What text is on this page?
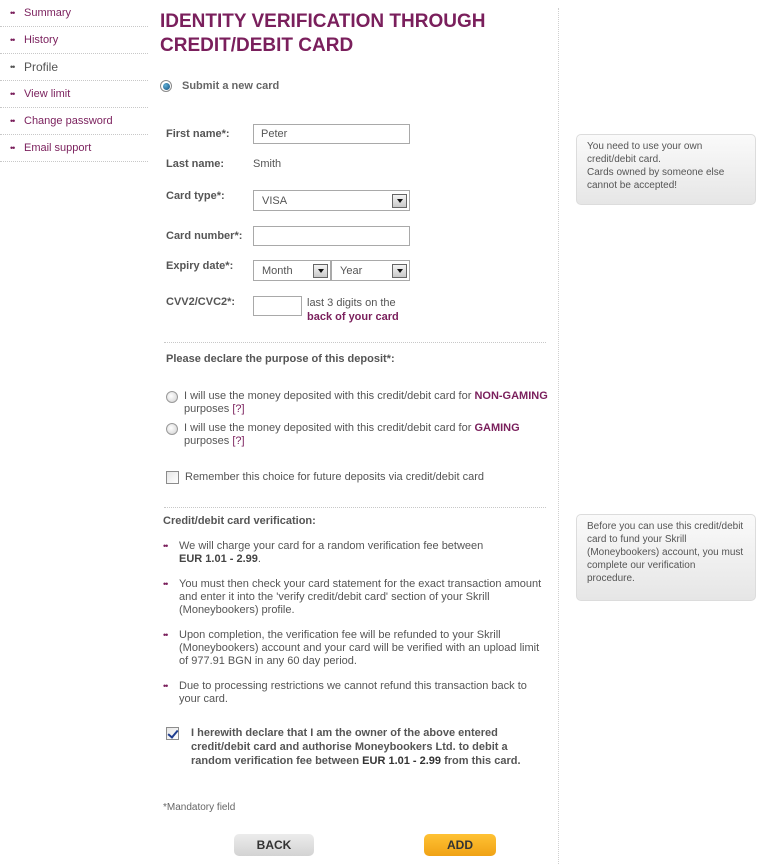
•• Summary
•• History
•• Profile
•• View limit
•• Change password
•• Email support
IDENTITY VERIFICATION THROUGH
CREDIT/DEBIT CARD
Submit a new card
First name*:	Peter
Last name:	Smith
Card type*:	VISA
Card number*:
Expiry date*:	Month	Year
CVV2/CVC2*:	last 3 digits on the
back of your card
Please declare the purpose of this deposit*:
I will use the money deposited with this credit/debit card for NON-GAMING
purposes [?]
I will use the money deposited with this credit/debit card for GAMING
purposes [?]
Remember this choice for future deposits via credit/debit card
Credit/debit card verification:
••	We will charge your card for a random verification fee between
EUR 1.01 - 2.99.
••	You must then check your card statement for the exact transaction amount and enter it into the 'verify credit/debit card' section of your Skrill (Moneybookers) profile.
••	Upon completion, the verification fee will be refunded to your Skrill (Moneybookers) account and your card will be verified with an upload limit of 977.91 BGN in any 60 day period.
••	Due to processing restrictions we cannot refund this transaction back to your card.
I herewith declare that I am the owner of the above entered credit/debit card and authorise Moneybookers Ltd. to debit a random verification fee between EUR 1.01 - 2.99 from this card.
*Mandatory field
BACK	ADD
You need to use your own credit/debit card.
Cards owned by someone else cannot be accepted!
Before you can use this credit/debit card to fund your Skrill (Moneybookers) account, you must complete our verification procedure.
